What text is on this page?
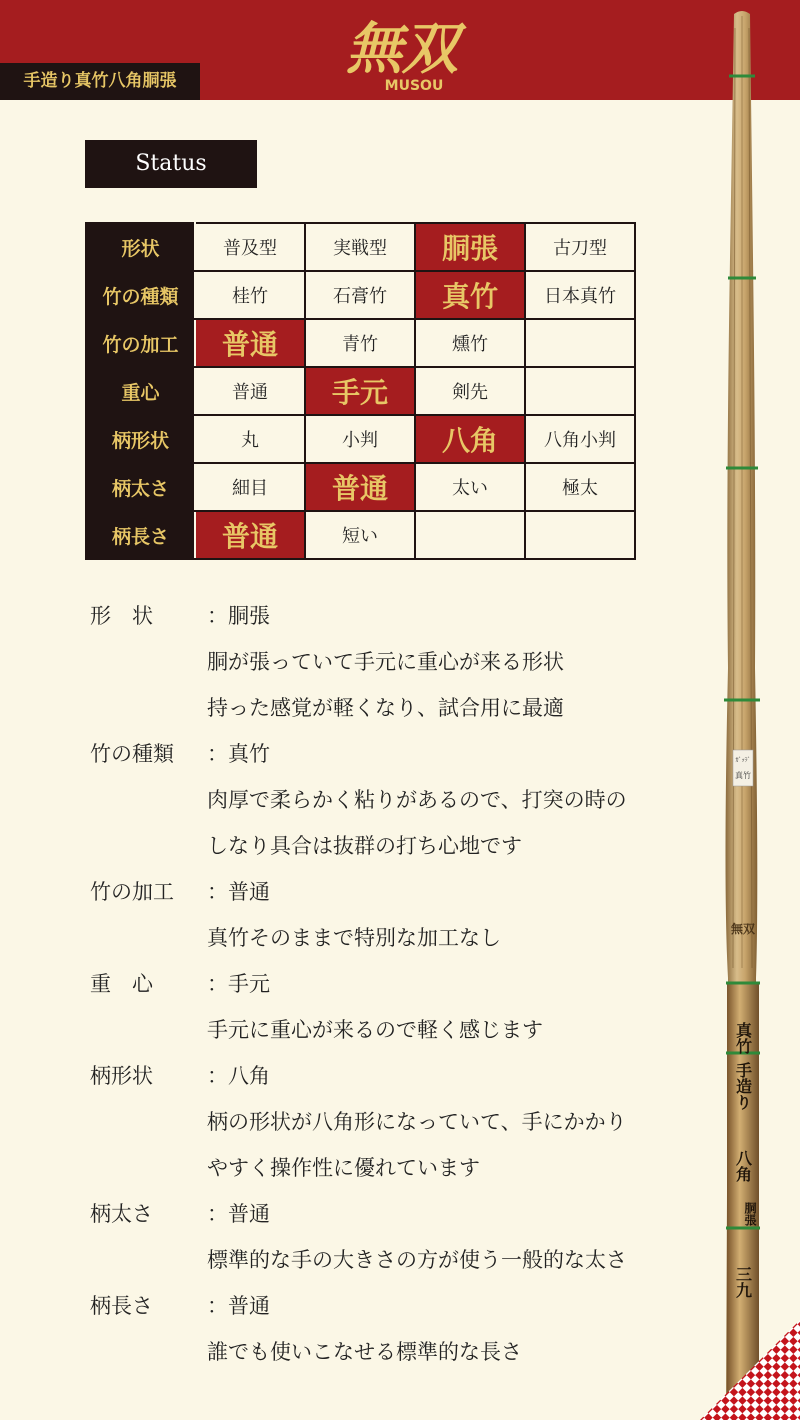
手造り真竹八角胴張	無双
MUSOU
Status
形状	普及型	実戦型	胴張	古刀型
竹の種類	桂竹	石膏竹	真竹	日本真竹
竹の加工	普通	青竹	燻竹	
重心	普通	手元	剣先	
柄形状	丸	小判	八角	八角小判
柄太さ	細目	普通	太い	極太
柄長さ	普通	短い		
形　状	：胴張
胴が張っていて手元に重心が来る形状
持った感覚が軽くなり、試合用に最適
竹の種類	：真竹
肉厚で柔らかく粘りがあるので、打突の時の
しなり具合は抜群の打ち心地です
竹の加工	：普通
真竹そのままで特別な加工なし
重　心	：手元
手元に重心が来るので軽く感じます
柄形状	：八角
柄の形状が八角形になっていて、手にかかり
やすく操作性に優れています
柄太さ	：普通
標準的な手の大きさの方が使う一般的な太さ
柄長さ	：普通
誰でも使いこなせる標準的な長さ
ｶﾞｯﾗﾞ
真竹
無双
真竹
手造り
八角
胴張
三九
